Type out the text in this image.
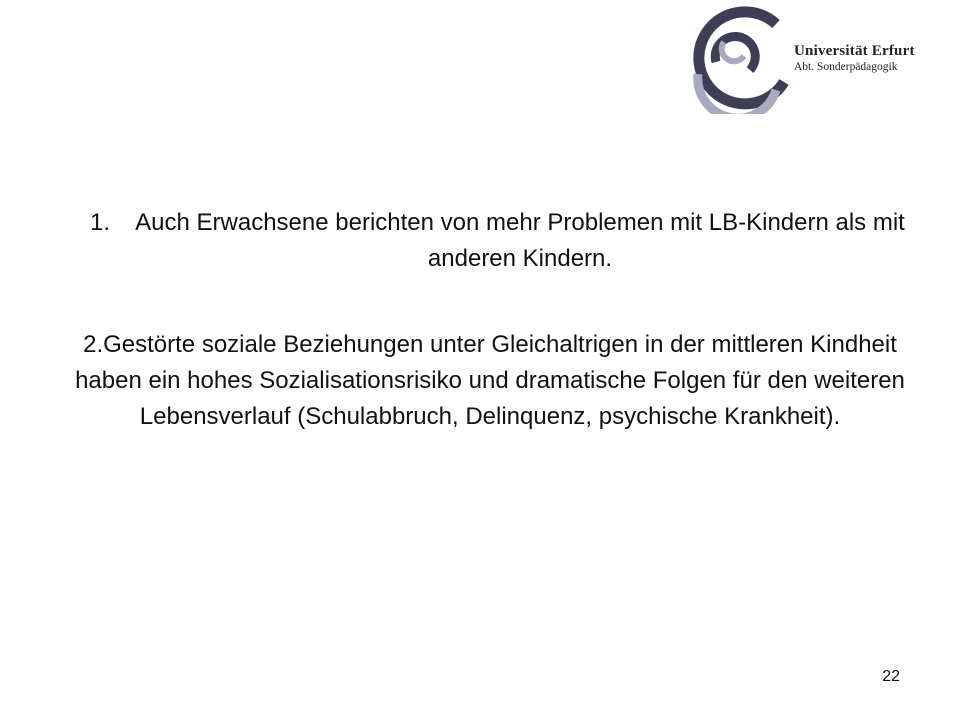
Universität Erfurt
Abt. Sonderpädagogik
1.	Auch Erwachsene berichten von mehr Problemen mit LB-Kindern als mit anderen Kindern.
2.Gestörte soziale Beziehungen unter Gleichaltrigen in der mittleren Kindheit haben ein hohes Sozialisationsrisiko und dramatische Folgen für den weiteren Lebensverlauf (Schulabbruch, Delinquenz, psychische Krankheit).
22
